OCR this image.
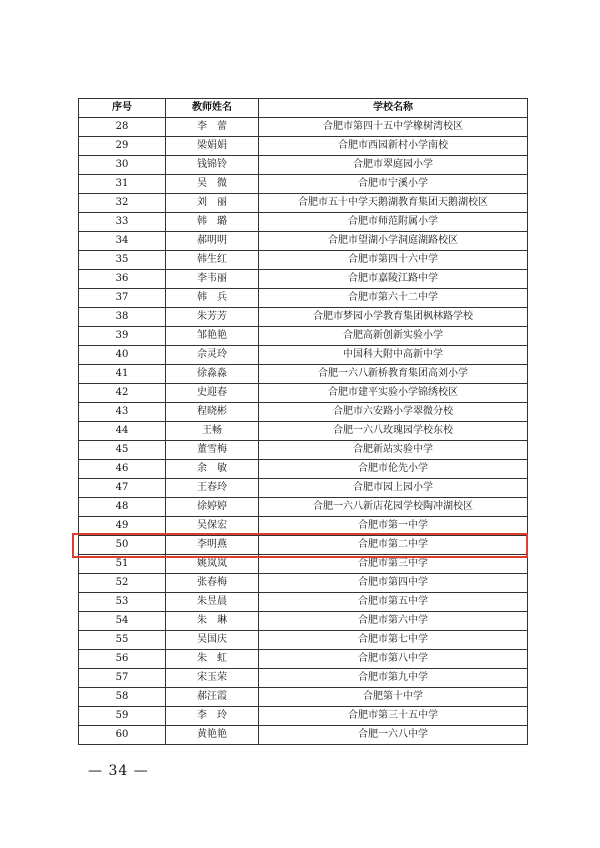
序号	教师姓名	学校名称
28	李　蕾	合肥市第四十五中学橡树湾校区
29	梁娟娟	合肥市西园新村小学南校
30	钱锦铃	合肥市翠庭园小学
31	吴　微	合肥市宁溪小学
32	刘　丽	合肥市五十中学天鹅湖教育集团天鹅湖校区
33	韩　璐	合肥市师范附属小学
34	郝明明	合肥市望湖小学洞庭湖路校区
35	韩生红	合肥市第四十六中学
36	李韦丽	合肥市嘉陵江路中学
37	韩　兵	合肥市第六十二中学
38	朱芳芳	合肥市梦园小学教育集团枫林路学校
39	邹艳艳	合肥高新创新实验小学
40	佘灵玲	中国科大附中高新中学
41	徐淼淼	合肥一六八新桥教育集团高刘小学
42	史迎春	合肥市建平实验小学锦绣校区
43	程晓彬	合肥市六安路小学翠微分校
44	王畅	合肥一六八玫瑰园学校东校
45	董雪梅	合肥新站实验中学
46	余　敏	合肥市伦先小学
47	王春玲	合肥市园上园小学
48	徐婷婷	合肥一六八新店花园学校陶冲湖校区
49	吴保宏	合肥市第一中学
50	李明燕	合肥市第二中学
51	姚岚岚	合肥市第三中学
52	张春梅	合肥市第四中学
53	朱昱晨	合肥市第五中学
54	朱　琳	合肥市第六中学
55	吴国庆	合肥市第七中学
56	朱　虹	合肥市第八中学
57	宋玉荣	合肥市第九中学
58	郝汪霞	合肥第十中学
59	李　玲	合肥市第三十五中学
60	黄艳艳	合肥一六八中学
— 34 —
